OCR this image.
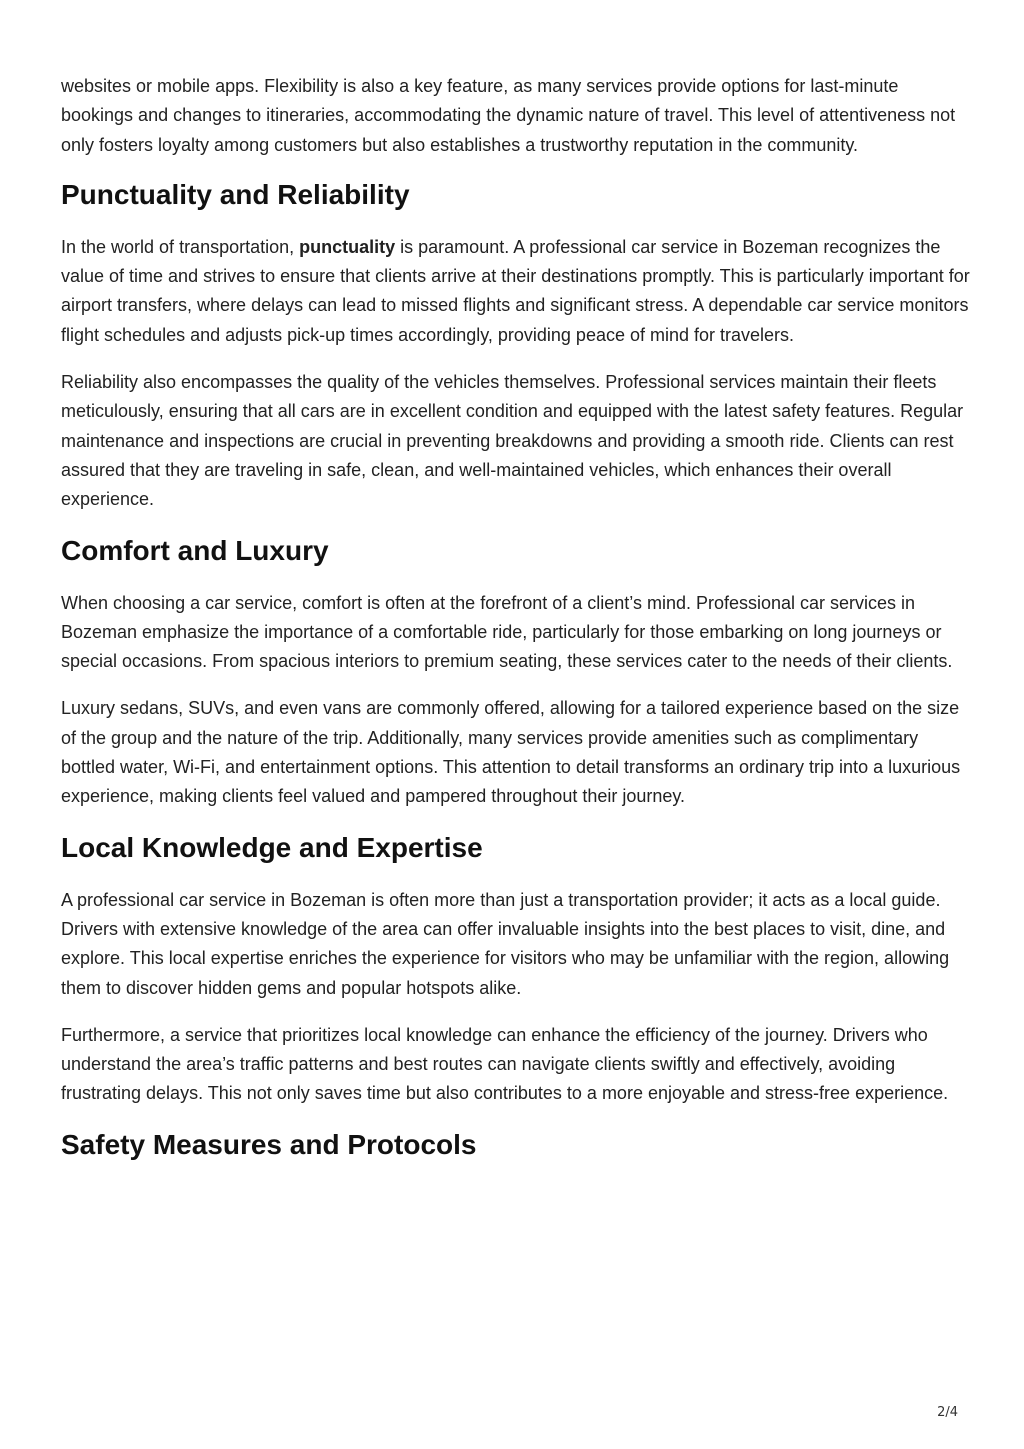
websites or mobile apps. Flexibility is also a key feature, as many services provide options for last-minute bookings and changes to itineraries, accommodating the dynamic nature of travel. This level of attentiveness not only fosters loyalty among customers but also establishes a trustworthy reputation in the community.

Punctuality and Reliability

In the world of transportation, punctuality is paramount. A professional car service in Bozeman recognizes the value of time and strives to ensure that clients arrive at their destinations promptly. This is particularly important for airport transfers, where delays can lead to missed flights and significant stress. A dependable car service monitors flight schedules and adjusts pick-up times accordingly, providing peace of mind for travelers.

Reliability also encompasses the quality of the vehicles themselves. Professional services maintain their fleets meticulously, ensuring that all cars are in excellent condition and equipped with the latest safety features. Regular maintenance and inspections are crucial in preventing breakdowns and providing a smooth ride. Clients can rest assured that they are traveling in safe, clean, and well-maintained vehicles, which enhances their overall experience.

Comfort and Luxury

When choosing a car service, comfort is often at the forefront of a client’s mind. Professional car services in Bozeman emphasize the importance of a comfortable ride, particularly for those embarking on long journeys or special occasions. From spacious interiors to premium seating, these services cater to the needs of their clients.

Luxury sedans, SUVs, and even vans are commonly offered, allowing for a tailored experience based on the size of the group and the nature of the trip. Additionally, many services provide amenities such as complimentary bottled water, Wi-Fi, and entertainment options. This attention to detail transforms an ordinary trip into a luxurious experience, making clients feel valued and pampered throughout their journey.

Local Knowledge and Expertise

A professional car service in Bozeman is often more than just a transportation provider; it acts as a local guide. Drivers with extensive knowledge of the area can offer invaluable insights into the best places to visit, dine, and explore. This local expertise enriches the experience for visitors who may be unfamiliar with the region, allowing them to discover hidden gems and popular hotspots alike.

Furthermore, a service that prioritizes local knowledge can enhance the efficiency of the journey. Drivers who understand the area’s traffic patterns and best routes can navigate clients swiftly and effectively, avoiding frustrating delays. This not only saves time but also contributes to a more enjoyable and stress-free experience.

Safety Measures and Protocols
2/4
